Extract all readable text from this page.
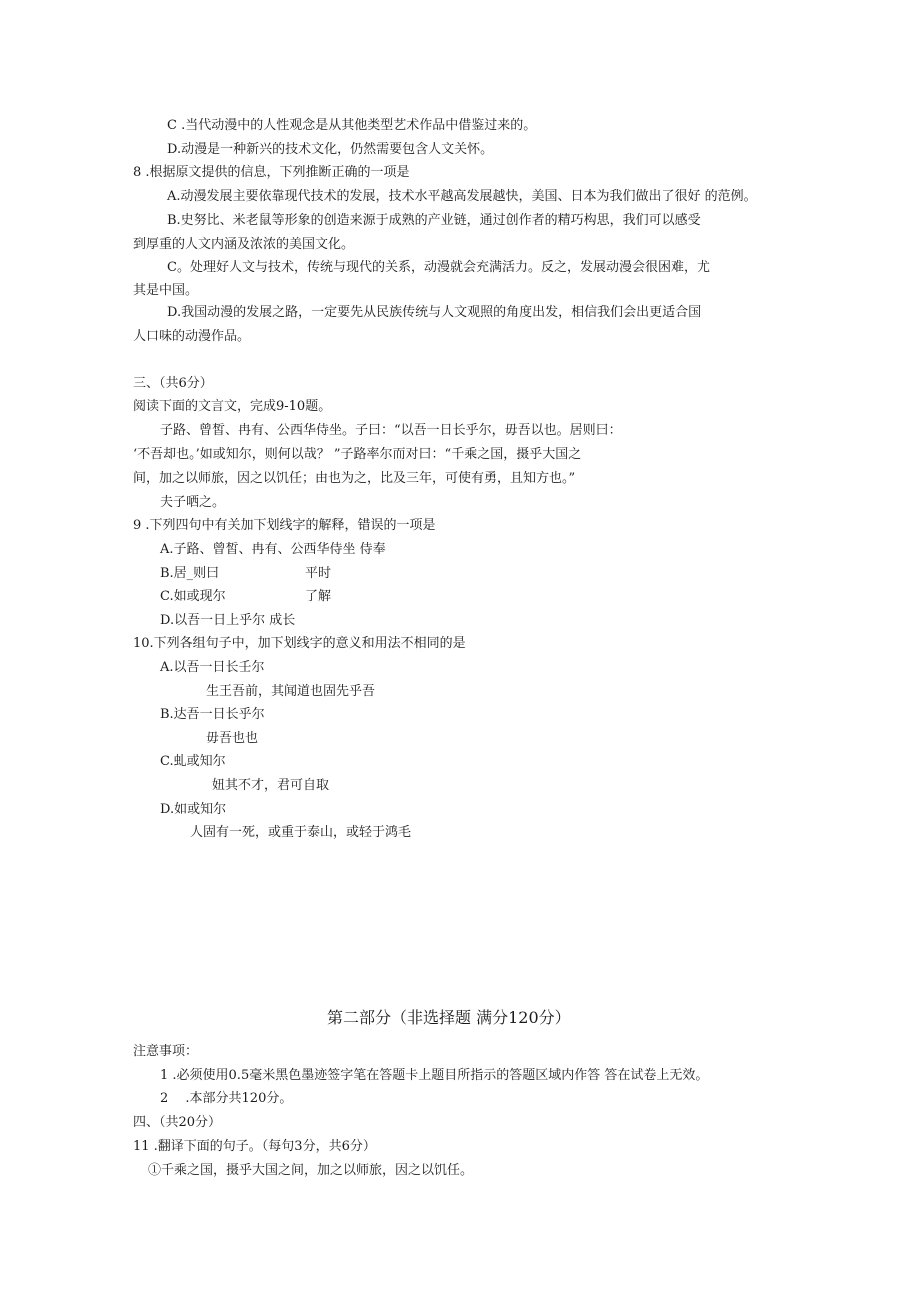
C .当代动漫中的人性观念是从其他类型艺术作品中借鉴过来的。
D.动漫是一种新兴的技术文化，仍然需要包含人文关怀。
8 .根据原文提供的信息，下列推断正确的一项是
A.动漫发展主要依靠现代技术的发展，技术水平越高发展越快，美国、日本为我们做出了很好 的范例。
B.史努比、米老鼠等形象的创造来源于成熟的产业链，通过创作者的精巧构思，我们可以感受
到厚重的人文内涵及浓浓的美国文化。
C。处理好人文与技术，传统与现代的关系，动漫就会充满活力。反之，发展动漫会很困难，尤
其是中国。
D.我国动漫的发展之路，一定要先从民族传统与人文观照的角度出发，相信我们会出更适合国
人口味的动漫作品。
三、（共6分）
阅读下面的文言文，完成9-10题。
子路、曾皙、冉有、公西华侍坐。子曰：“以吾一日长乎尔，毋吾以也。居则曰：
‘不吾却也。’如或知尔，则何以哉？ ”子路率尔而对曰：“千乘之国，摄乎大国之
间，加之以师旅，因之以饥任；由也为之，比及三年，可使有勇，且知方也。”
夫子哂之。
9 .下列四句中有关加下划线字的解释，错误的一项是
A.子路、曾皙、冉有、公西华侍坐 侍奉
B.居_则曰	平时
C.如或现尔	了解
D.以吾一日上乎尔 成长
10.下列各组句子中，加下划线字的意义和用法不相同的是
A.以吾一日长壬尔
生王吾前，其闻道也固先乎吾
B.达吾一日长乎尔
毋吾也也
C.虬或知尔
妞其不才，君可自取
D.如或知尔
人固有一死，或重于泰山，或轻于鸿毛
第二部分（非选择题 满分120分）
注意事项：
1 .必须使用0.5毫米黑色墨迹签字笔在答题卡上题目所指示的答题区域内作答 答在试卷上无效。
2 　.本部分共120分。
四、（共20分）
11 .翻译下面的句子。（每句3分，共6分）
①千乘之国，摄乎大国之间，加之以师旅，因之以饥任。
